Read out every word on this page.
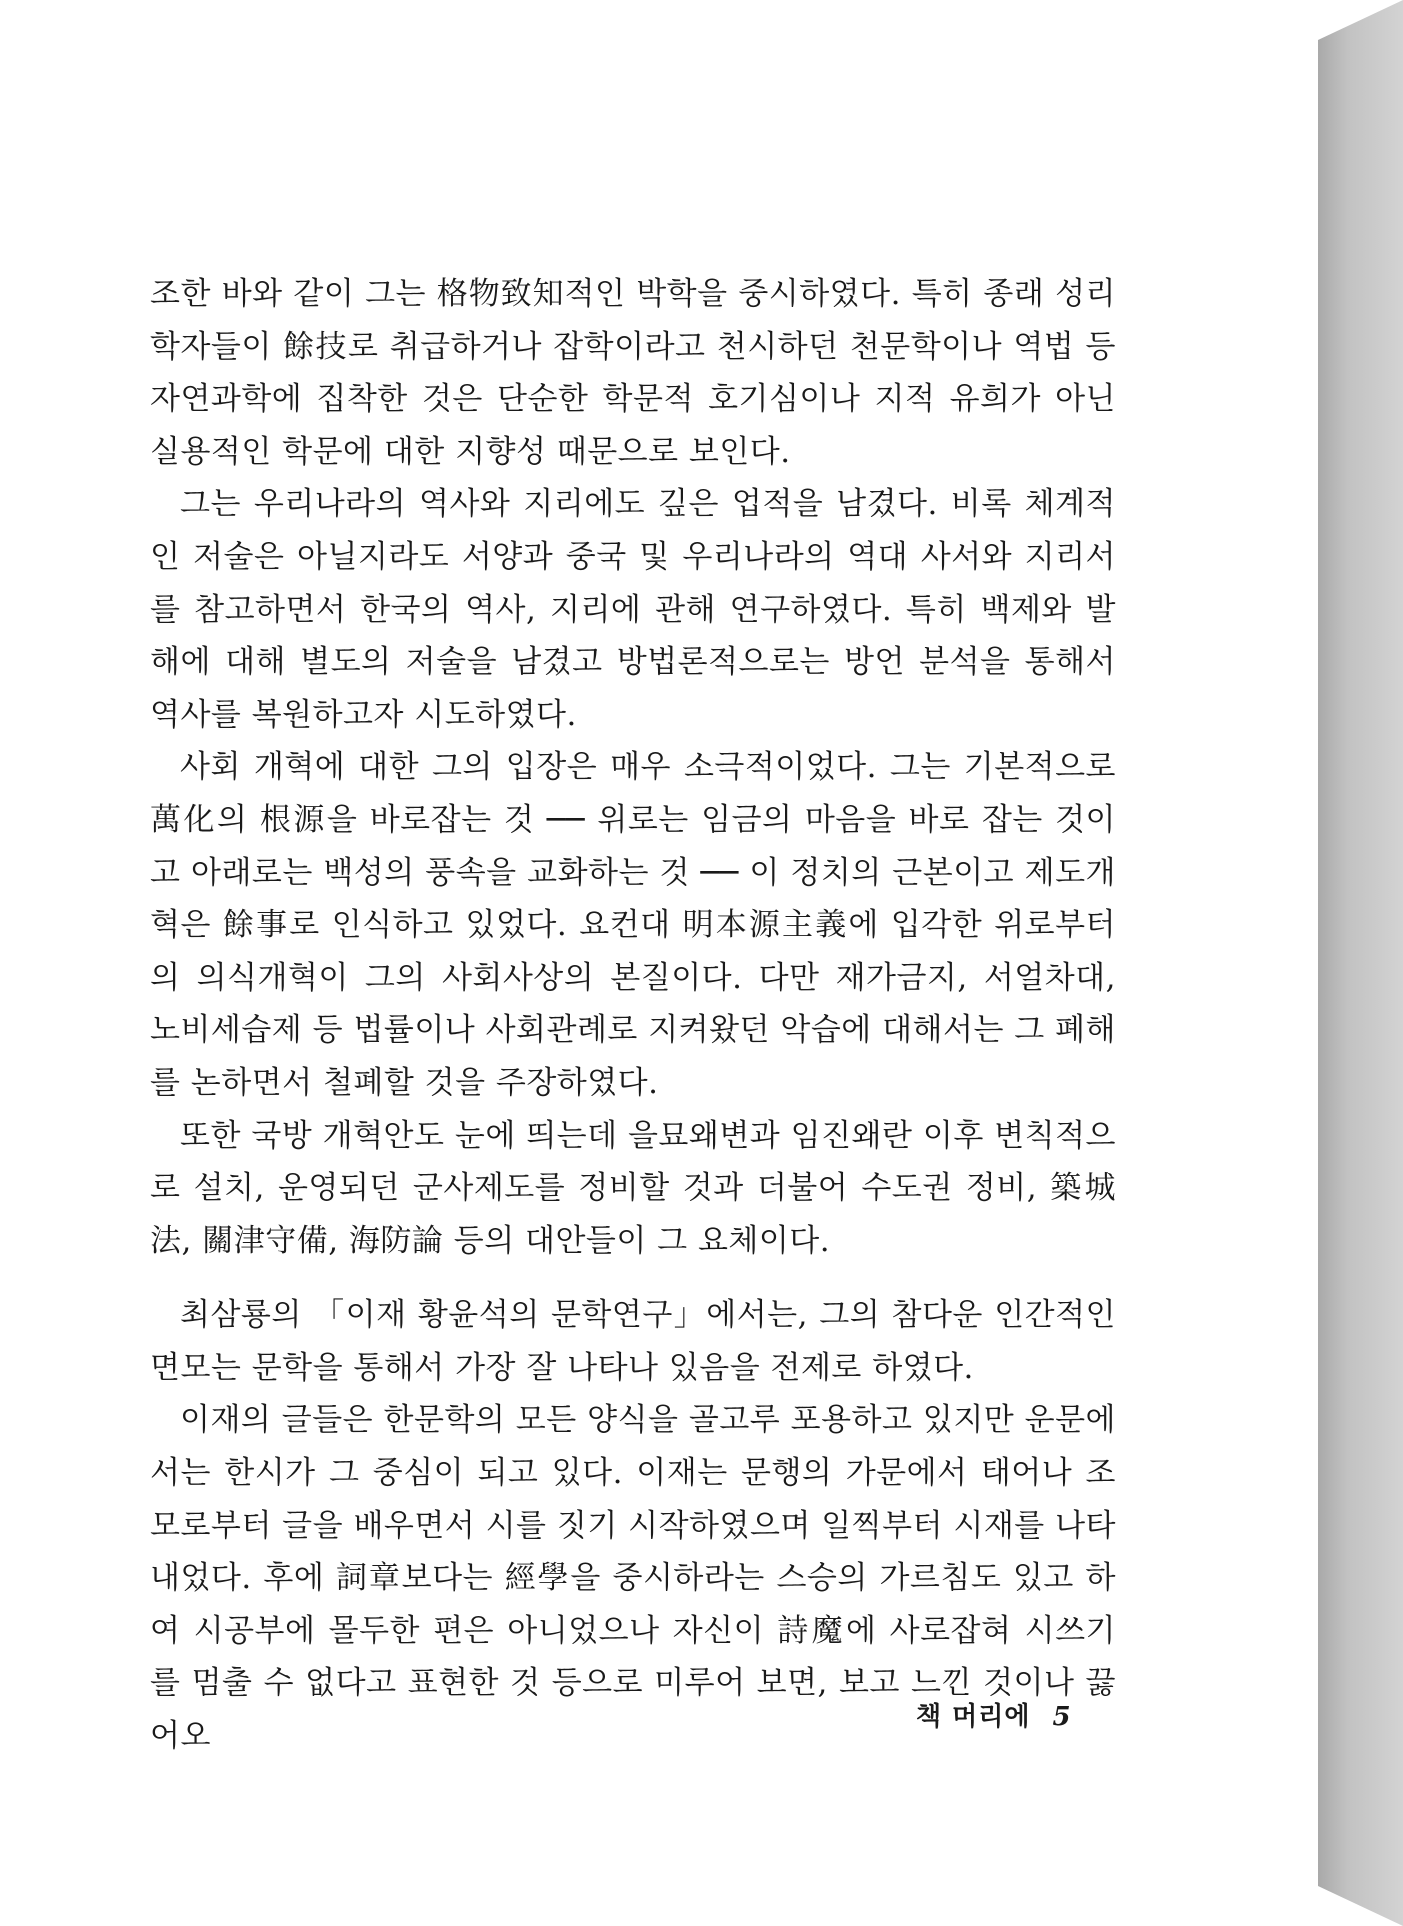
조한 바와 같이 그는 格物致知적인 박학을 중시하였다. 특히 종래 성리학자들이 餘技로 취급하거나 잡학이라고 천시하던 천문학이나 역법 등 자연과학에 집착한 것은 단순한 학문적 호기심이나 지적 유희가 아닌 실용적인 학문에 대한 지향성 때문으로 보인다.

그는 우리나라의 역사와 지리에도 깊은 업적을 남겼다. 비록 체계적인 저술은 아닐지라도 서양과 중국 및 우리나라의 역대 사서와 지리서를 참고하면서 한국의 역사, 지리에 관해 연구하였다. 특히 백제와 발해에 대해 별도의 저술을 남겼고 방법론적으로는 방언 분석을 통해서 역사를 복원하고자 시도하였다.

사회 개혁에 대한 그의 입장은 매우 소극적이었다. 그는 기본적으로 萬化의 根源을 바로잡는 것 ── 위로는 임금의 마음을 바로 잡는 것이고 아래로는 백성의 풍속을 교화하는 것 ── 이 정치의 근본이고 제도개혁은 餘事로 인식하고 있었다. 요컨대 明本源主義에 입각한 위로부터의 의식개혁이 그의 사회사상의 본질이다. 다만 재가금지, 서얼차대, 노비세습제 등 법률이나 사회관례로 지켜왔던 악습에 대해서는 그 폐해를 논하면서 철폐할 것을 주장하였다.

또한 국방 개혁안도 눈에 띄는데 을묘왜변과 임진왜란 이후 변칙적으로 설치, 운영되던 군사제도를 정비할 것과 더불어 수도권 정비, 築城法, 關津守備, 海防論 등의 대안들이 그 요체이다.

최삼룡의 「이재 황윤석의 문학연구」에서는, 그의 참다운 인간적인 면모는 문학을 통해서 가장 잘 나타나 있음을 전제로 하였다.

이재의 글들은 한문학의 모든 양식을 골고루 포용하고 있지만 운문에서는 한시가 그 중심이 되고 있다. 이재는 문행의 가문에서 태어나 조모로부터 글을 배우면서 시를 짓기 시작하였으며 일찍부터 시재를 나타내었다. 후에 詞章보다는 經學을 중시하라는 스승의 가르침도 있고 하여 시공부에 몰두한 편은 아니었으나 자신이 詩魔에 사로잡혀 시쓰기를 멈출 수 없다고 표현한 것 등으로 미루어 보면, 보고 느낀 것이나 끓어오

책 머리에 5
